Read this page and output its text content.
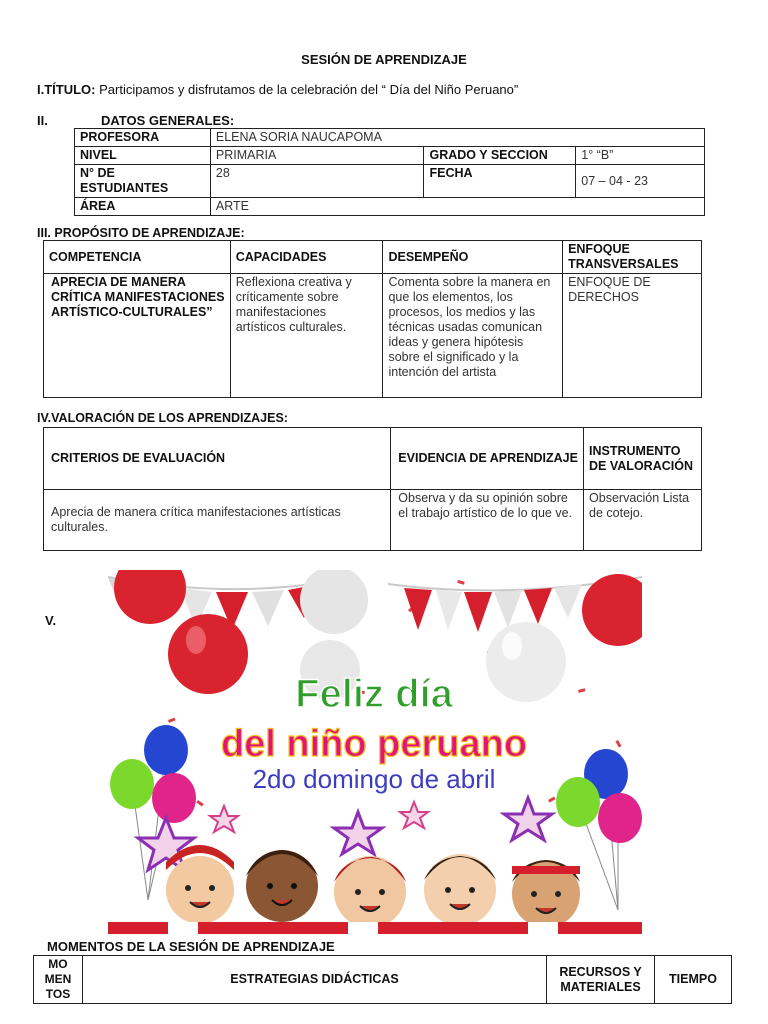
SESIÓN DE APRENDIZAJE
I.TÍTULO: Participamos y disfrutamos de la celebración del “ Día del Niño Peruano”
II.	DATOS GENERALES:
PROFESORA	ELENA SORIA NAUCAPOMA		
NIVEL	PRIMARIA	GRADO Y SECCION	1° “B”
N° DE ESTUDIANTES	28	FECHA	07 – 04 - 23
ÁREA	ARTE		
III. PROPÓSITO DE APRENDIZAJE:
COMPETENCIA	CAPACIDADES	DESEMPEÑO	ENFOQUE TRANSVERSALES
APRECIA DE MANERA CRÍTICA MANIFESTACIONES ARTÍSTICO-CULTURALES”	Reflexiona creativa y críticamente sobre manifestaciones artísticos culturales.	Comenta sobre la manera en que los elementos, los procesos, los medios y las técnicas usadas comunican ideas y genera hipótesis sobre el significado y la intención del artista	ENFOQUE DE DERECHOS
IV.VALORACIÓN DE LOS APRENDIZAJES:
CRITERIOS DE EVALUACIÓN	EVIDENCIA DE APRENDIZAJE	INSTRUMENTO DE VALORACIÓN
Aprecia de manera crítica manifestaciones artísticas culturales.	Observa y da su opinión sobre el trabajo artístico de lo que ve.	Observación Lista de cotejo.
V.
Feliz día
del niño peruano
2do domingo de abril
MOMENTOS DE LA SESIÓN DE APRENDIZAJE
MO MEN TOS	ESTRATEGIAS DIDÁCTICAS	RECURSOS Y MATERIALES	TIEMPO
